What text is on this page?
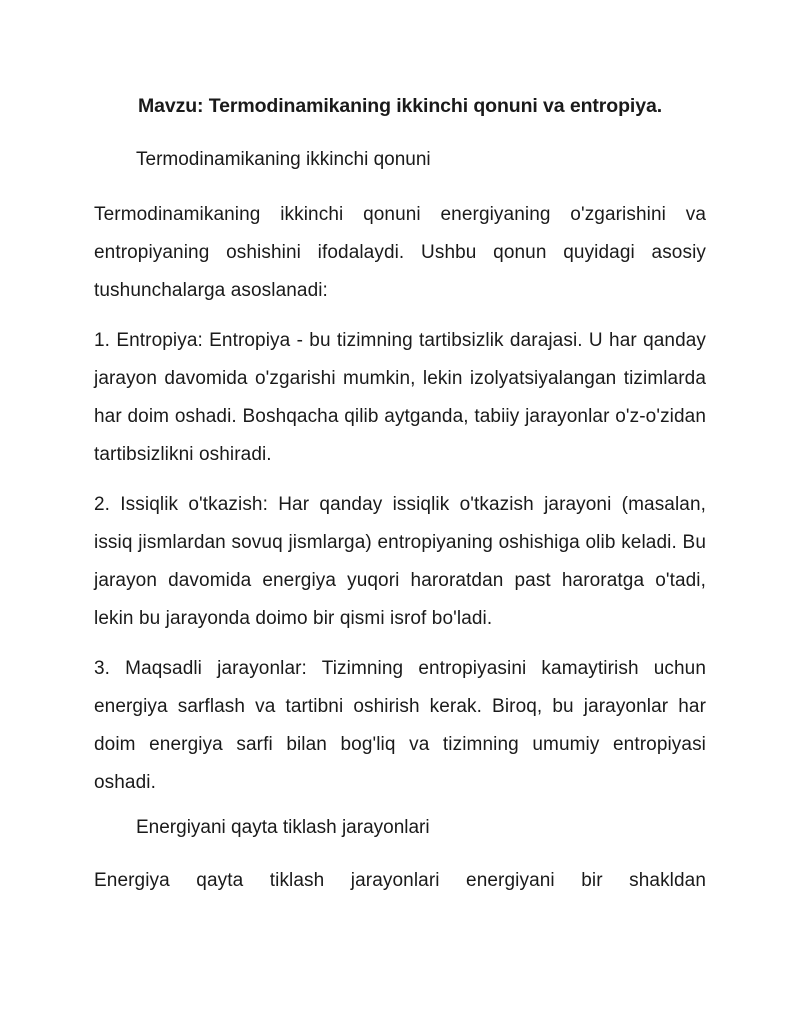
Mavzu: Termodinamikaning ikkinchi qonuni va entropiya.
Termodinamikaning ikkinchi qonuni
Termodinamikaning ikkinchi qonuni energiyaning o'zgarishini va entropiyaning oshishini ifodalaydi. Ushbu qonun quyidagi asosiy tushunchalarga asoslanadi:
1. Entropiya: Entropiya - bu tizimning tartibsizlik darajasi. U har qanday jarayon davomida o'zgarishi mumkin, lekin izolyatsiyalangan tizimlarda har doim oshadi. Boshqacha qilib aytganda, tabiiy jarayonlar o'z-o'zidan tartibsizlikni oshiradi.
2. Issiqlik o'tkazish: Har qanday issiqlik o'tkazish jarayoni (masalan, issiq jismlardan sovuq jismlarga) entropiyaning oshishiga olib keladi. Bu jarayon davomida energiya yuqori haroratdan past haroratga o'tadi, lekin bu jarayonda doimo bir qismi isrof bo'ladi.
3. Maqsadli jarayonlar: Tizimning entropiyasini kamaytirish uchun energiya sarflash va tartibni oshirish kerak. Biroq, bu jarayonlar har doim energiya sarfi bilan bog'liq va tizimning umumiy entropiyasi oshadi.
Energiyani qayta tiklash jarayonlari
Energiya qayta tiklash jarayonlari energiyani bir shakldan
